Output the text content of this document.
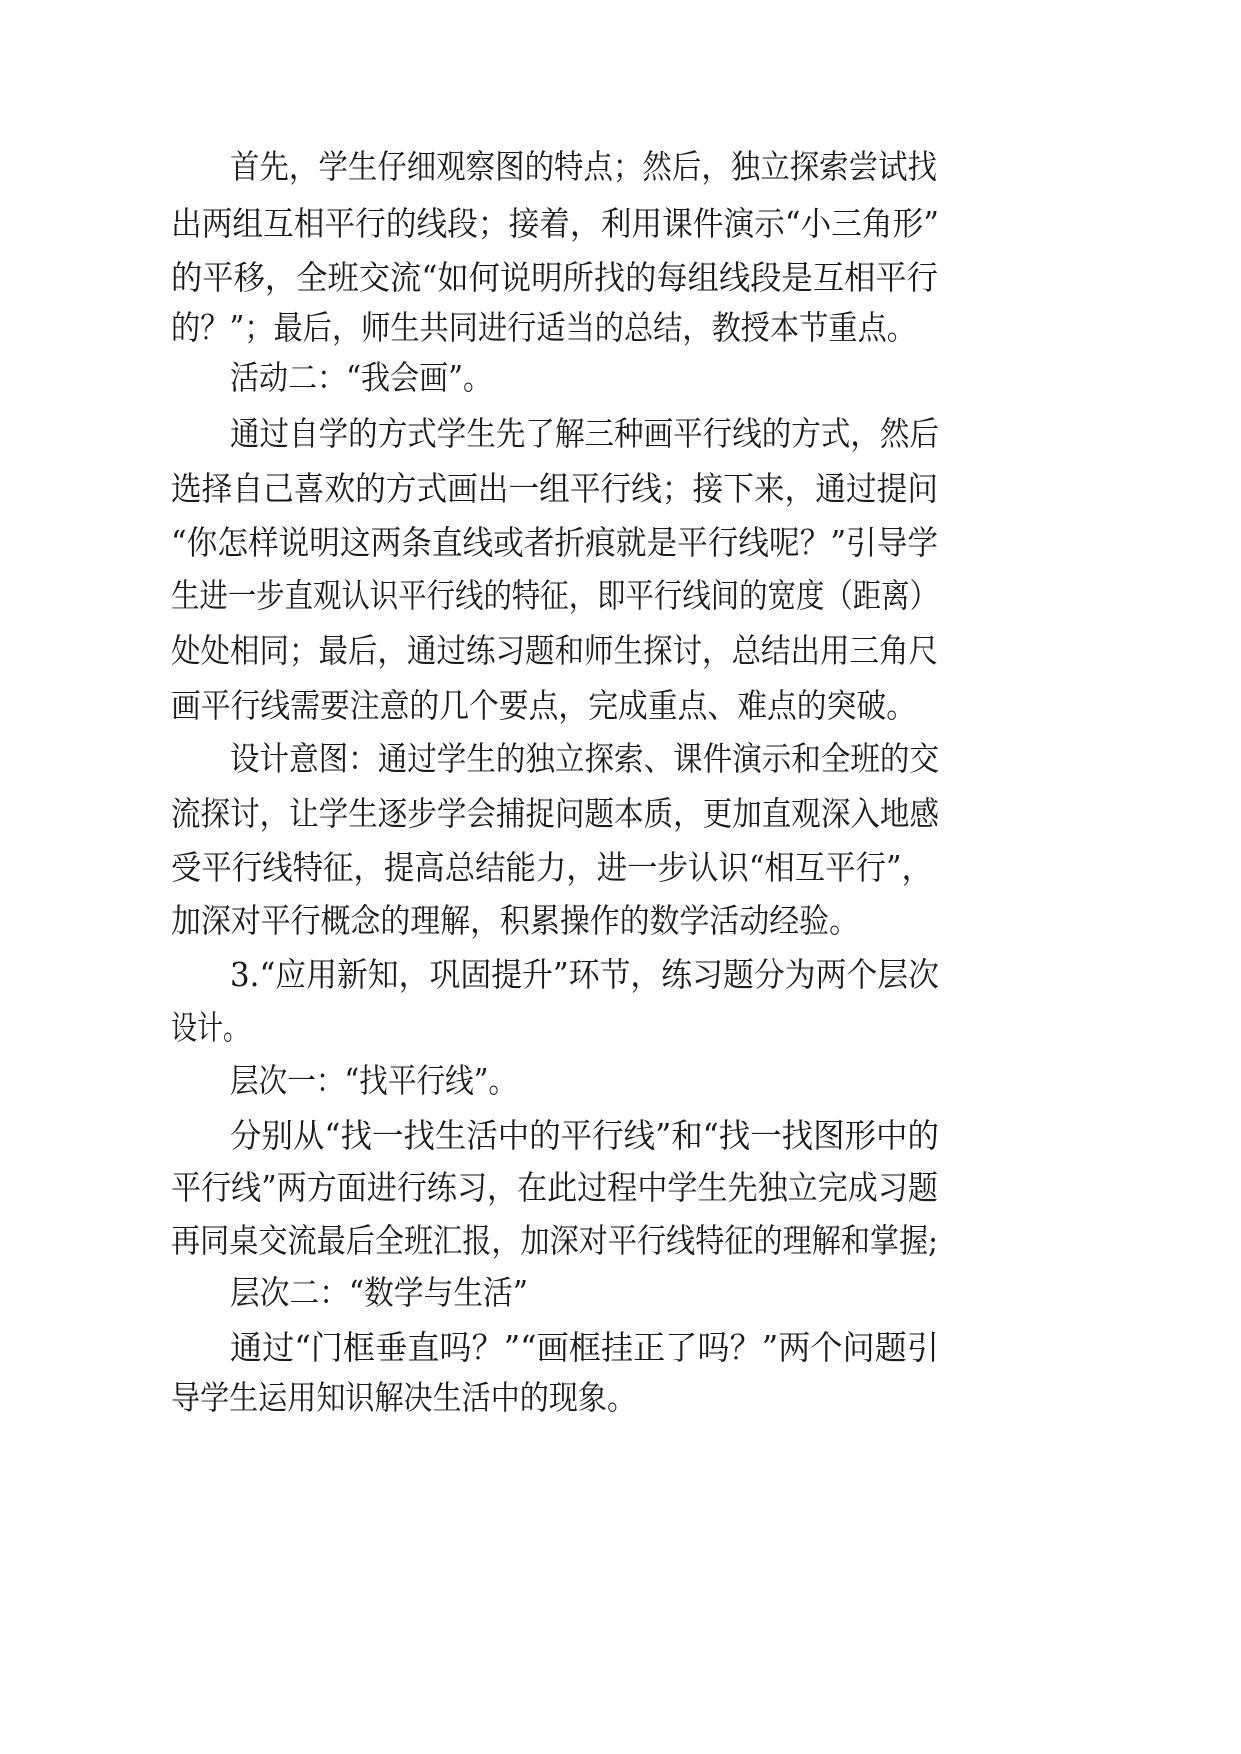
首先，学生仔细观察图的特点；然后，独立探索尝试找
出两组互相平行的线段；接着，利用课件演示“小三角形”
的平移，全班交流“如何说明所找的每组线段是互相平行
的？”；最后，师生共同进行适当的总结，教授本节重点。
活动二：“我会画”。
通过自学的方式学生先了解三种画平行线的方式，然后
选择自己喜欢的方式画出一组平行线；接下来，通过提问
“你怎样说明这两条直线或者折痕就是平行线呢？”引导学
生进一步直观认识平行线的特征，即平行线间的宽度（距离）
处处相同；最后，通过练习题和师生探讨，总结出用三角尺
画平行线需要注意的几个要点，完成重点、难点的突破。
设计意图：通过学生的独立探索、课件演示和全班的交
流探讨，让学生逐步学会捕捉问题本质，更加直观深入地感
受平行线特征，提高总结能力，进一步认识“相互平行”，
加深对平行概念的理解，积累操作的数学活动经验。
3.“应用新知，巩固提升”环节，练习题分为两个层次
设计。
层次一：“找平行线”。
分别从“找一找生活中的平行线”和“找一找图形中的
平行线”两方面进行练习，在此过程中学生先独立完成习题
再同桌交流最后全班汇报，加深对平行线特征的理解和掌握;
层次二：“数学与生活”
通过“门框垂直吗？”“画框挂正了吗？”两个问题引
导学生运用知识解决生活中的现象。
